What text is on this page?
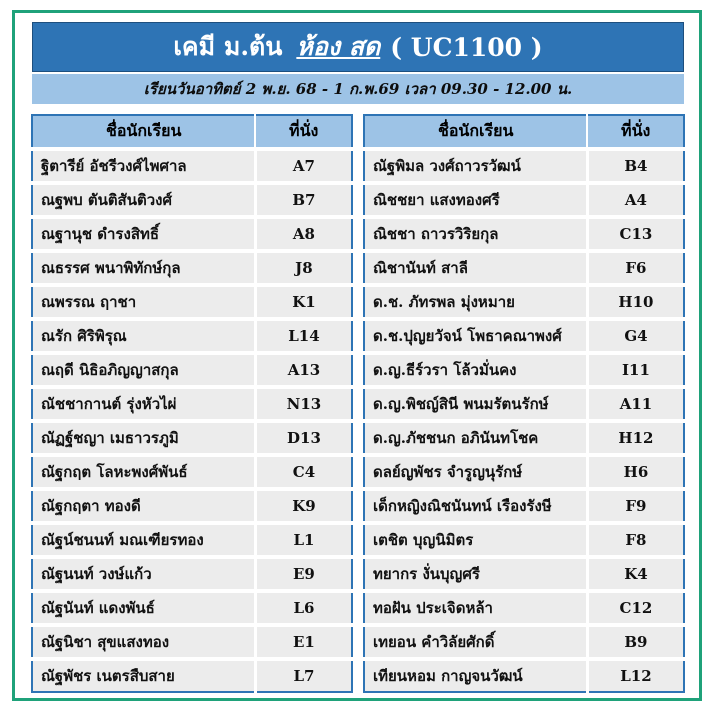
เคมี ม.ต้น ห้อง สด ( UC1100 )
เรียนวันอาทิตย์ 2 พ.ย. 68 - 1 ก.พ.69 เวลา 09.30 - 12.00 น.
ชื่อนักเรียน	ที่นั่ง
ฐิตารีย์ อัชรีวงศ์ไพศาล	A7
ณฐพบ ตันติสันติวงศ์	B7
ณฐานุช ดำรงสิทธิ์	A8
ณธรรศ พนาพิทักษ์กุล	J8
ณพรรณ ฤาชา	K1
ณรัก ศิริพิรุณ	L14
ณฤดี นิธิอภิญญาสกุล	A13
ณัชชากานต์ รุ่งหัวไผ่	N13
ณัฏฐ์ชญา เมธาวรภูมิ	D13
ณัฐกฤต โลหะพงศ์พันธ์	C4
ณัฐกฤตา ทองดี	K9
ณัฐน์ชนนท์ มณเฑียรทอง	L1
ณัฐนนท์ วงษ์แก้ว	E9
ณัฐนันท์ แดงพันธ์	L6
ณัฐนิชา สุขแสงทอง	E1
ณัฐพัชร เนตรสืบสาย	L7
ชื่อนักเรียน	ที่นั่ง
ณัฐพิมล วงศ์ถาวรวัฒน์	B4
ณิชชยา แสงทองศรี	A4
ณิชชา ถาวรวิริยกุล	C13
ณิชานันท์ สาลี	F6
ด.ช. ภัทรพล มุ่งหมาย	H10
ด.ช.ปุญยวัจน์ โพธาคณาพงศ์	G4
ด.ญ.ธีร์วรา โล้วมั่นคง	I11
ด.ญ.พิชญ์สินี พนมรัตนรักษ์	A11
ด.ญ.ภัชชนก อภินันทโชค	H12
ดลย์ญพัชร จำรูญนุรักษ์	H6
เด็กหญิงณิชนันทน์ เรืองรังษี	F9
เตชิต บุญนิมิตร	F8
ทยากร งั่นบุญศรี	K4
ทอฝัน ประเจิดหล้า	C12
เทยอน คำวิลัยศักดิ์	B9
เทียนหอม กาญจนวัฒน์	L12
